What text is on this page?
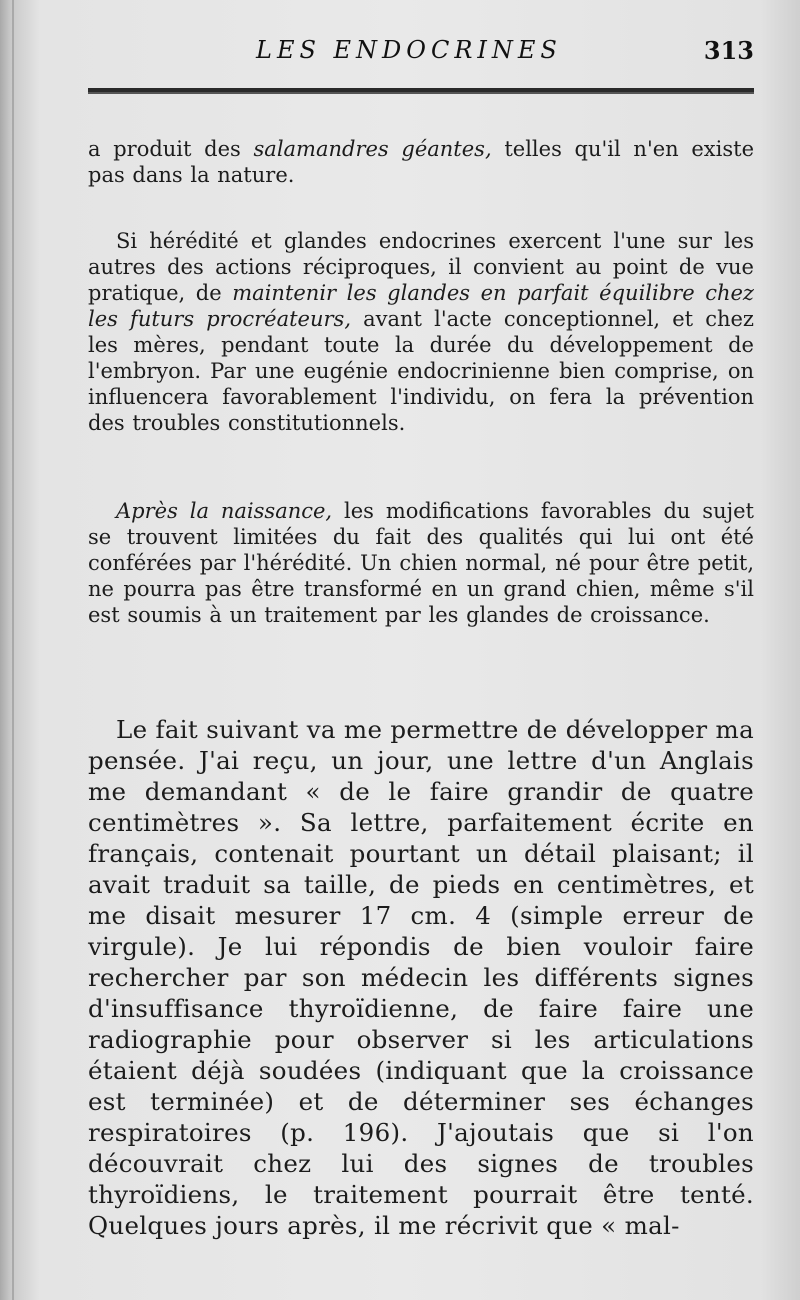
LES ENDOCRINES	313

a produit des salamandres géantes, telles qu'il n'en existe pas dans la nature.

Si hérédité et glandes endocrines exercent l'une sur les autres des actions réciproques, il convient au point de vue pratique, de maintenir les glandes en parfait équilibre chez les futurs procréateurs, avant l'acte conceptionnel, et chez les mères, pendant toute la durée du développement de l'embryon. Par une eugénie endocrinienne bien comprise, on influencera favorablement l'individu, on fera la prévention des troubles constitutionnels.

Après la naissance, les modifications favorables du sujet se trouvent limitées du fait des qualités qui lui ont été conférées par l'hérédité. Un chien normal, né pour être petit, ne pourra pas être transformé en un grand chien, même s'il est soumis à un traitement par les glandes de croissance.

Le fait suivant va me permettre de développer ma pensée. J'ai reçu, un jour, une lettre d'un Anglais me demandant « de le faire grandir de quatre centimètres ». Sa lettre, parfaitement écrite en français, contenait pourtant un détail plaisant; il avait traduit sa taille, de pieds en centimètres, et me disait mesurer 17 cm. 4 (simple erreur de virgule). Je lui répondis de bien vouloir faire rechercher par son médecin les différents signes d'insuffisance thyroïdienne, de faire faire une radiographie pour observer si les articulations étaient déjà soudées (indiquant que la croissance est terminée) et de déterminer ses échanges respiratoires (p. 196). J'ajoutais que si l'on découvrait chez lui des signes de troubles thyroïdiens, le traitement pourrait être tenté. Quelques jours après, il me récrivit que « mal-
